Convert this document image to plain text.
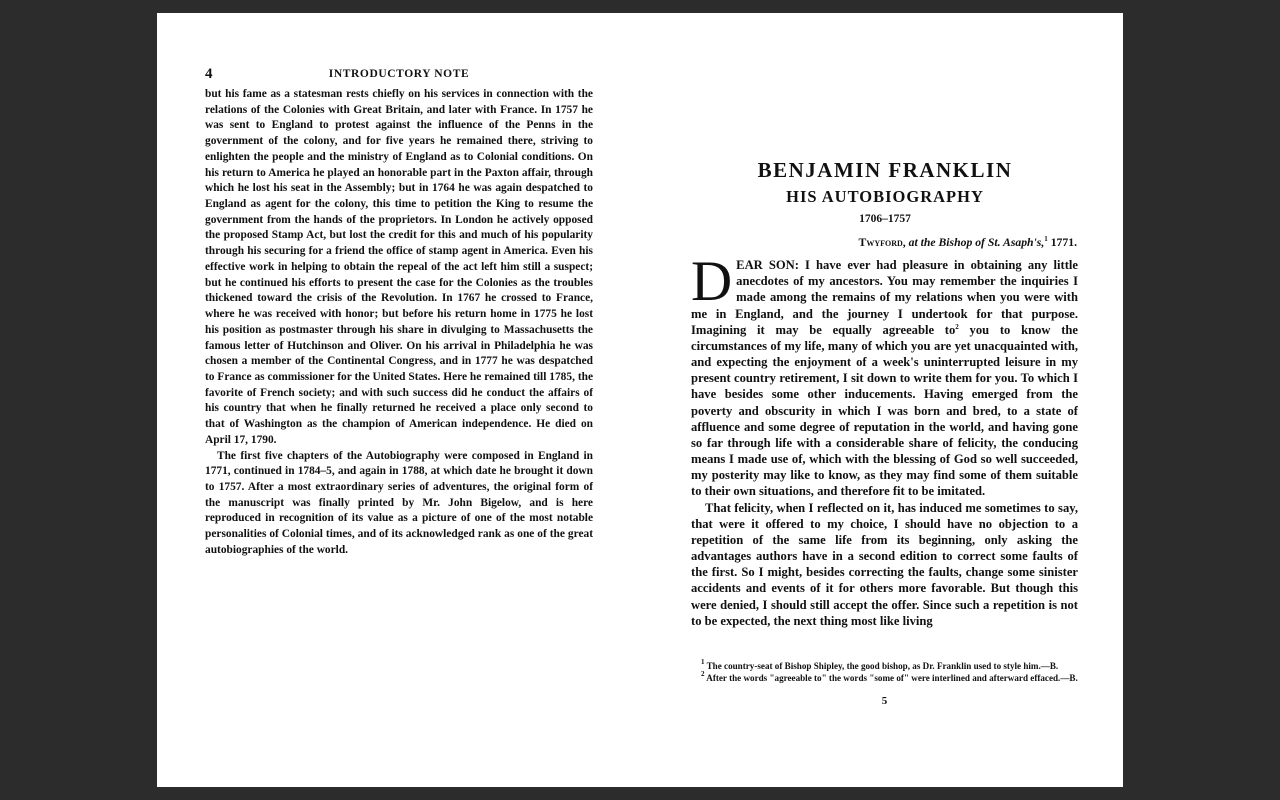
4	INTRODUCTORY NOTE

but his fame as a statesman rests chiefly on his services in connection with the relations of the Colonies with Great Britain, and later with France. In 1757 he was sent to England to protest against the influence of the Penns in the government of the colony, and for five years he remained there, striving to enlighten the people and the ministry of England as to Colonial conditions. On his return to America he played an honorable part in the Paxton affair, through which he lost his seat in the Assembly; but in 1764 he was again despatched to England as agent for the colony, this time to petition the King to resume the government from the hands of the proprietors. In London he actively opposed the proposed Stamp Act, but lost the credit for this and much of his popularity through his securing for a friend the office of stamp agent in America. Even his effective work in helping to obtain the repeal of the act left him still a suspect; but he continued his efforts to present the case for the Colonies as the troubles thickened toward the crisis of the Revolution. In 1767 he crossed to France, where he was received with honor; but before his return home in 1775 he lost his position as postmaster through his share in divulging to Massachusetts the famous letter of Hutchinson and Oliver. On his arrival in Philadelphia he was chosen a member of the Continental Congress, and in 1777 he was despatched to France as commissioner for the United States. Here he remained till 1785, the favorite of French society; and with such success did he conduct the affairs of his country that when he finally returned he received a place only second to that of Washington as the champion of American independence. He died on April 17, 1790.

The first five chapters of the Autobiography were composed in England in 1771, continued in 1784–5, and again in 1788, at which date he brought it down to 1757. After a most extraordinary series of adventures, the original form of the manuscript was finally printed by Mr. John Bigelow, and is here reproduced in recognition of its value as a picture of one of the most notable personalities of Colonial times, and of its acknowledged rank as one of the great autobiographies of the world.

BENJAMIN FRANKLIN
HIS AUTOBIOGRAPHY
1706–1757
Twyford, at the Bishop of St. Asaph's,$^1$ 1771.

DEAR SON: I have ever had pleasure in obtaining any little anecdotes of my ancestors. You may remember the inquiries I made among the remains of my relations when you were with me in England, and the journey I undertook for that purpose. Imagining it may be equally agreeable $to^2$ you to know the circumstances of my life, many of which you are yet unacquainted with, and expecting the enjoyment of a week's uninterrupted leisure in my present country retirement, I sit down to write them for you. To which I have besides some other inducements. Having emerged from the poverty and obscurity in which I was born and bred, to a state of affluence and some degree of reputation in the world, and having gone so far through life with a considerable share of felicity, the conducing means I made use of, which with the blessing of God so well succeeded, my posterity may like to know, as they may find some of them suitable to their own situations, and therefore fit to be imitated.

That felicity, when I reflected on it, has induced me sometimes to say, that were it offered to my choice, I should have no objection to a repetition of the same life from its beginning, only asking the advantages authors have in a second edition to correct some faults of the first. So I might, besides correcting the faults, change some sinister accidents and events of it for others more favorable. But though this were denied, I should still accept the offer. Since such a repetition is not to be expected, the next thing most like living

$^1$ The country-seat of Bishop Shipley, the good bishop, as Dr. Franklin used to style him.—B.

$^2$ After the words "agreeable to" the words "some of" were interlined and afterward effaced.—B.

5
